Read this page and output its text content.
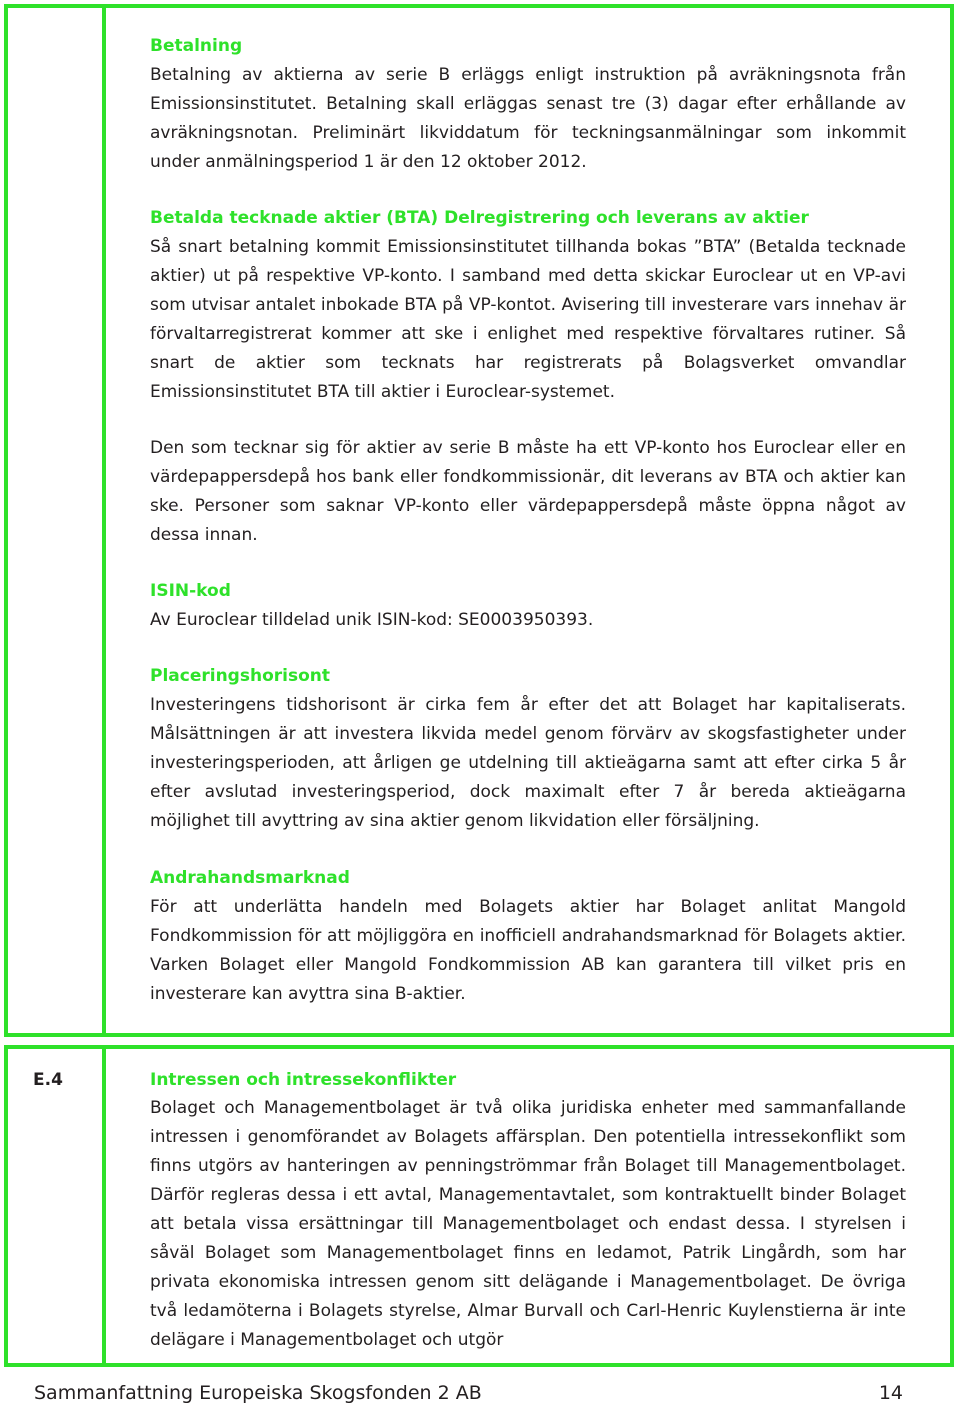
Betalning
Betalning av aktierna av serie B erläggs enligt instruktion på avräkningsnota från Emissionsinstitutet. Betalning skall erläggas senast tre (3) dagar efter erhållande av avräkningsnotan. Preliminärt likviddatum för teckningsanmälningar som inkommit under anmälningsperiod 1 är den 12 oktober 2012.
Betalda tecknade aktier (BTA) Delregistrering och leverans av aktier
Så snart betalning kommit Emissionsinstitutet tillhanda bokas ”BTA” (Betalda tecknade aktier) ut på respektive VP-konto. I samband med detta skickar Euroclear ut en VP-avi som utvisar antalet inbokade BTA på VP-kontot. Avisering till investerare vars innehav är förvaltarregistrerat kommer att ske i enlighet med respektive förvaltares rutiner. Så snart de aktier som tecknats har registrerats på Bolagsverket omvandlar Emissionsinstitutet BTA till aktier i Euroclear-systemet.
Den som tecknar sig för aktier av serie B måste ha ett VP-konto hos Euroclear eller en värdepappersdepå hos bank eller fondkommissionär, dit leverans av BTA och aktier kan ske. Personer som saknar VP-konto eller värdepappersdepå måste öppna något av dessa innan.
ISIN-kod
Av Euroclear tilldelad unik ISIN-kod: SE0003950393.
Placeringshorisont
Investeringens tidshorisont är cirka fem år efter det att Bolaget har kapitaliserats. Målsättningen är att investera likvida medel genom förvärv av skogsfastigheter under investeringsperioden, att årligen ge utdelning till aktieägarna samt att efter cirka 5 år efter avslutad investeringsperiod, dock maximalt efter 7 år bereda aktieägarna möjlighet till avyttring av sina aktier genom likvidation eller försäljning.
Andrahandsmarknad
För att underlätta handeln med Bolagets aktier har Bolaget anlitat Mangold Fondkommission för att möjliggöra en inofficiell andrahandsmarknad för Bolagets aktier. Varken Bolaget eller Mangold Fondkommission AB kan garantera till vilket pris en investerare kan avyttra sina B-aktier.
E.4	Intressen och intressekonflikter
Bolaget och Managementbolaget är två olika juridiska enheter med sammanfallande intressen i genomförandet av Bolagets affärsplan. Den potentiella intressekonflikt som finns utgörs av hanteringen av penningströmmar från Bolaget till Managementbolaget. Därför regleras dessa i ett avtal, Managementavtalet, som kontraktuellt binder Bolaget att betala vissa ersättningar till Managementbolaget och endast dessa. I styrelsen i såväl Bolaget som Managementbolaget finns en ledamot, Patrik Lingårdh, som har privata ekonomiska intressen genom sitt delägande i Managementbolaget. De övriga två ledamöterna i Bolagets styrelse, Almar Burvall och Carl-Henric Kuylenstierna är inte delägare i Managementbolaget och utgör
Sammanfattning Europeiska Skogsfonden 2 AB	14
